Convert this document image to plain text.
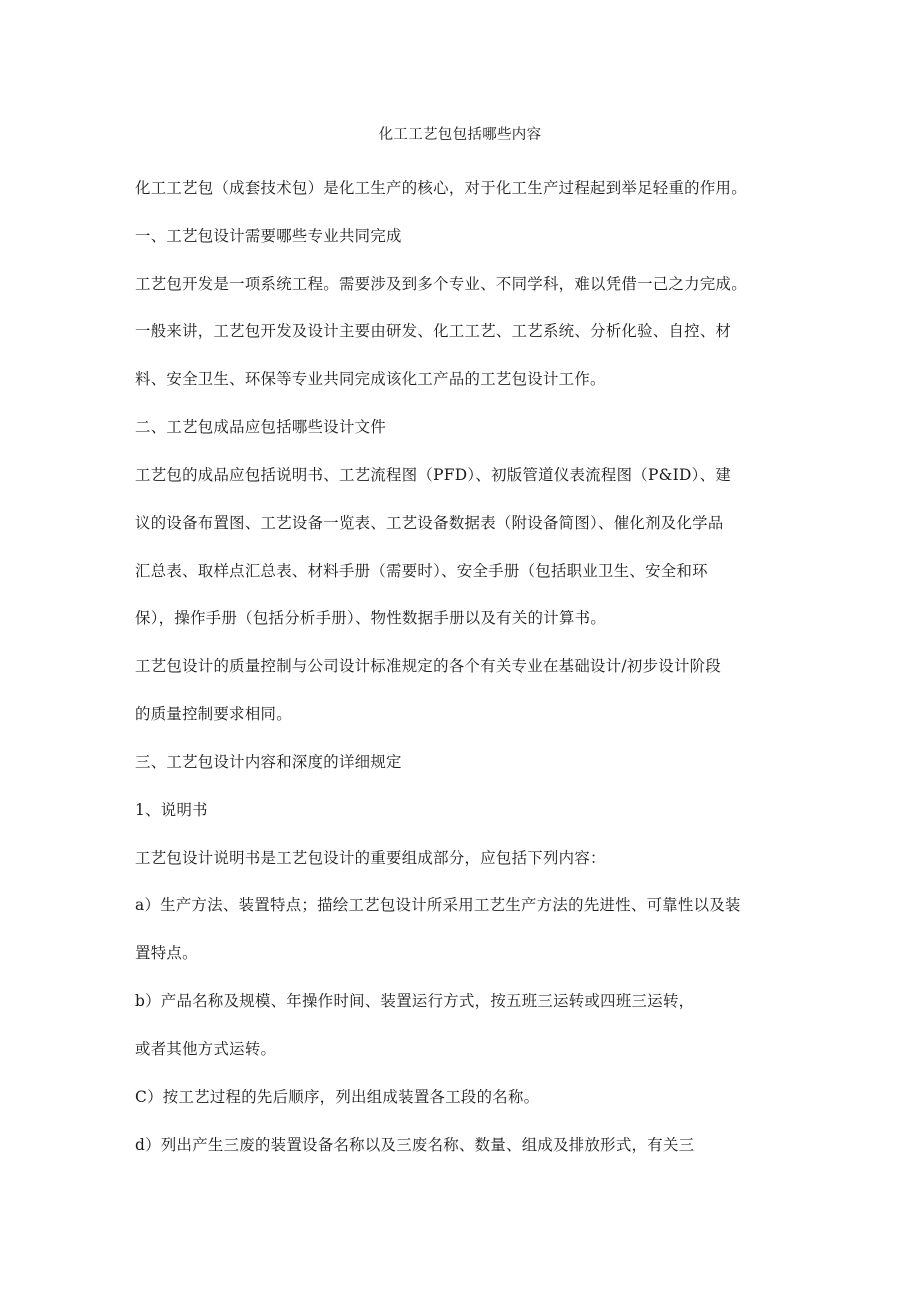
化工工艺包包括哪些内容

化工工艺包（成套技术包）是化工生产的核心，对于化工生产过程起到举足轻重的作用。

一、工艺包设计需要哪些专业共同完成

工艺包开发是一项系统工程。需要涉及到多个专业、不同学科，难以凭借一己之力完成。

一般来讲，工艺包开发及设计主要由研发、化工工艺、工艺系统、分析化验、自控、材

料、安全卫生、环保等专业共同完成该化工产品的工艺包设计工作。

二、工艺包成品应包括哪些设计文件

工艺包的成品应包括说明书、工艺流程图（PFD）、初版管道仪表流程图（P&ID）、建

议的设备布置图、工艺设备一览表、工艺设备数据表（附设备简图）、催化剂及化学品

汇总表、取样点汇总表、材料手册（需要时）、安全手册（包括职业卫生、安全和环

保），操作手册（包括分析手册）、物性数据手册以及有关的计算书。

工艺包设计的质量控制与公司设计标准规定的各个有关专业在基础设计/初步设计阶段

的质量控制要求相同。

三、工艺包设计内容和深度的详细规定

1、说明书

工艺包设计说明书是工艺包设计的重要组成部分，应包括下列内容：

a）生产方法、装置特点；描绘工艺包设计所采用工艺生产方法的先进性、可靠性以及装

置特点。

b）产品名称及规模、年操作时间、装置运行方式，按五班三运转或四班三运转，

或者其他方式运转。

C）按工艺过程的先后顺序，列出组成装置各工段的名称。

d）列出产生三废的装置设备名称以及三废名称、数量、组成及排放形式，有关三
